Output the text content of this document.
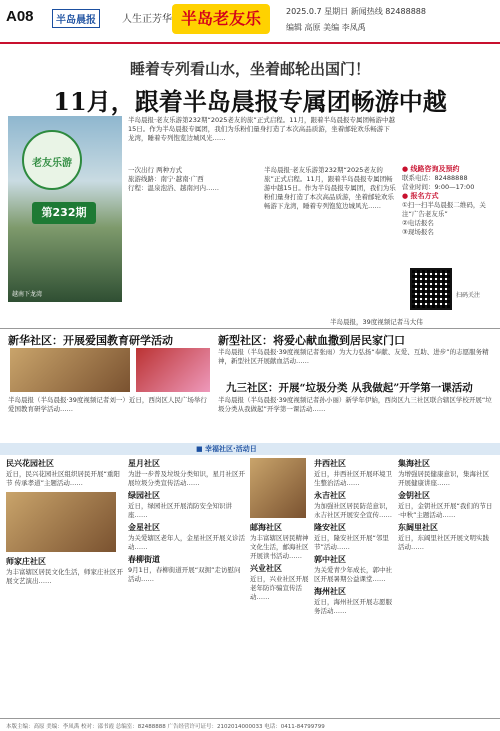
A08	半岛晨报	人生正芳华 半岛老友乐	2025.0.7 星期日 新闻热线 82488888
编辑 高原 美编 李凤禹
睡着专列看山水，坐着邮轮出国门！
11月，跟着半岛晨报专属团畅游中越
老友乐游
第232期
越南下龙湾
半岛晨报·老友乐游第232期“2025老友的旅”正式启程。11月，跟着半岛晨报专属团畅游中越15日。作为半岛晨报专属团，我们为乐粉们量身打造了本次高品质游，坐着邮轮欢乐畅游下龙湾，睡着专列饱览边城风光……
一次出行 两种方式
旅游线路：南宁·越南·广西
行程：温泉泡浴、越南河内……
半岛晨报·老友乐游第232期“2025老友的旅”正式启程。11月，跟着半岛晨报专属团畅游中越15日。作为半岛晨报专属团，我们为乐粉们量身打造了本次高品质游，坐着邮轮欢乐畅游下龙湾，睡着专列饱览边城风光……
● 线路咨询及预约
联系电话：82488888
营业时间：9:00—17:00
● 报名方式
①扫一扫半岛晨报二维码，关注“广告老友乐”
②电话报名
③现场报名
扫码关注
半岛晨报，39度视频记者马大伟
新华社区：开展爱国教育研学活动
半岛晨报（半岛晨报·39度视频记者刘一）近日，西岗区人民广场举行爱国教育研学活动……
新型社区：将爱心献血撒到居民家门口
半岛晨报（半岛晨报·39度视频记者张雨）为大力弘扬“奉献、友爱、互助、进步”的志愿服务精神，新型社区开展献血活动……
九三社区：开展“垃圾分类 从我做起”开学第一课活动
半岛晨报（半岛晨报·39度视频记者孙小丽）新学年伊始，西岗区九三社区联合辖区学校开展“垃圾分类从我做起”开学第一课活动……
■ 幸福社区·活动日
民兴花园社区

近日，民兴花园社区组织居民开展“重阳节 传承孝道”主题活动……

师家庄社区

为丰富辖区居民文化生活，师家庄社区开展文艺演出……

星月社区

为进一步普及垃圾分类知识，星月社区开展垃圾分类宣传活动……

绿园社区

近日，绿园社区开展消防安全知识讲座……

金星社区

为关爱辖区老年人，金星社区开展义诊活动……

春柳街道

9月1日，春柳街道开展“双拥”走访慰问活动……

邮海社区

为丰富辖区居民精神文化生活，邮海社区开展读书活动……

兴业社区

近日，兴业社区开展老年防诈骗宣传活动……

井西社区

近日，井西社区开展环境卫生整治活动……

永吉社区

为加强社区居民防范意识，永吉社区开展安全宣传……

隆安社区

近日，隆安社区开展“邻里节”活动……

郭中社区

为关爱青少年成长，郭中社区开展暑期公益课堂……

海州社区

近日，海州社区开展志愿服务活动……

集海社区

为增强居民健康意识，集海社区开展健康讲座……

金钥社区

近日，金钥社区开展“我们的节日·中秋”主题活动……

东阔里社区

近日，东阔里社区开展文明实践活动……

本版主编：高原 美编：李凤禹 校对：邵书霞 总编室：82488888 广告经营许可证号：2102014000033 电话：0411-84799799
